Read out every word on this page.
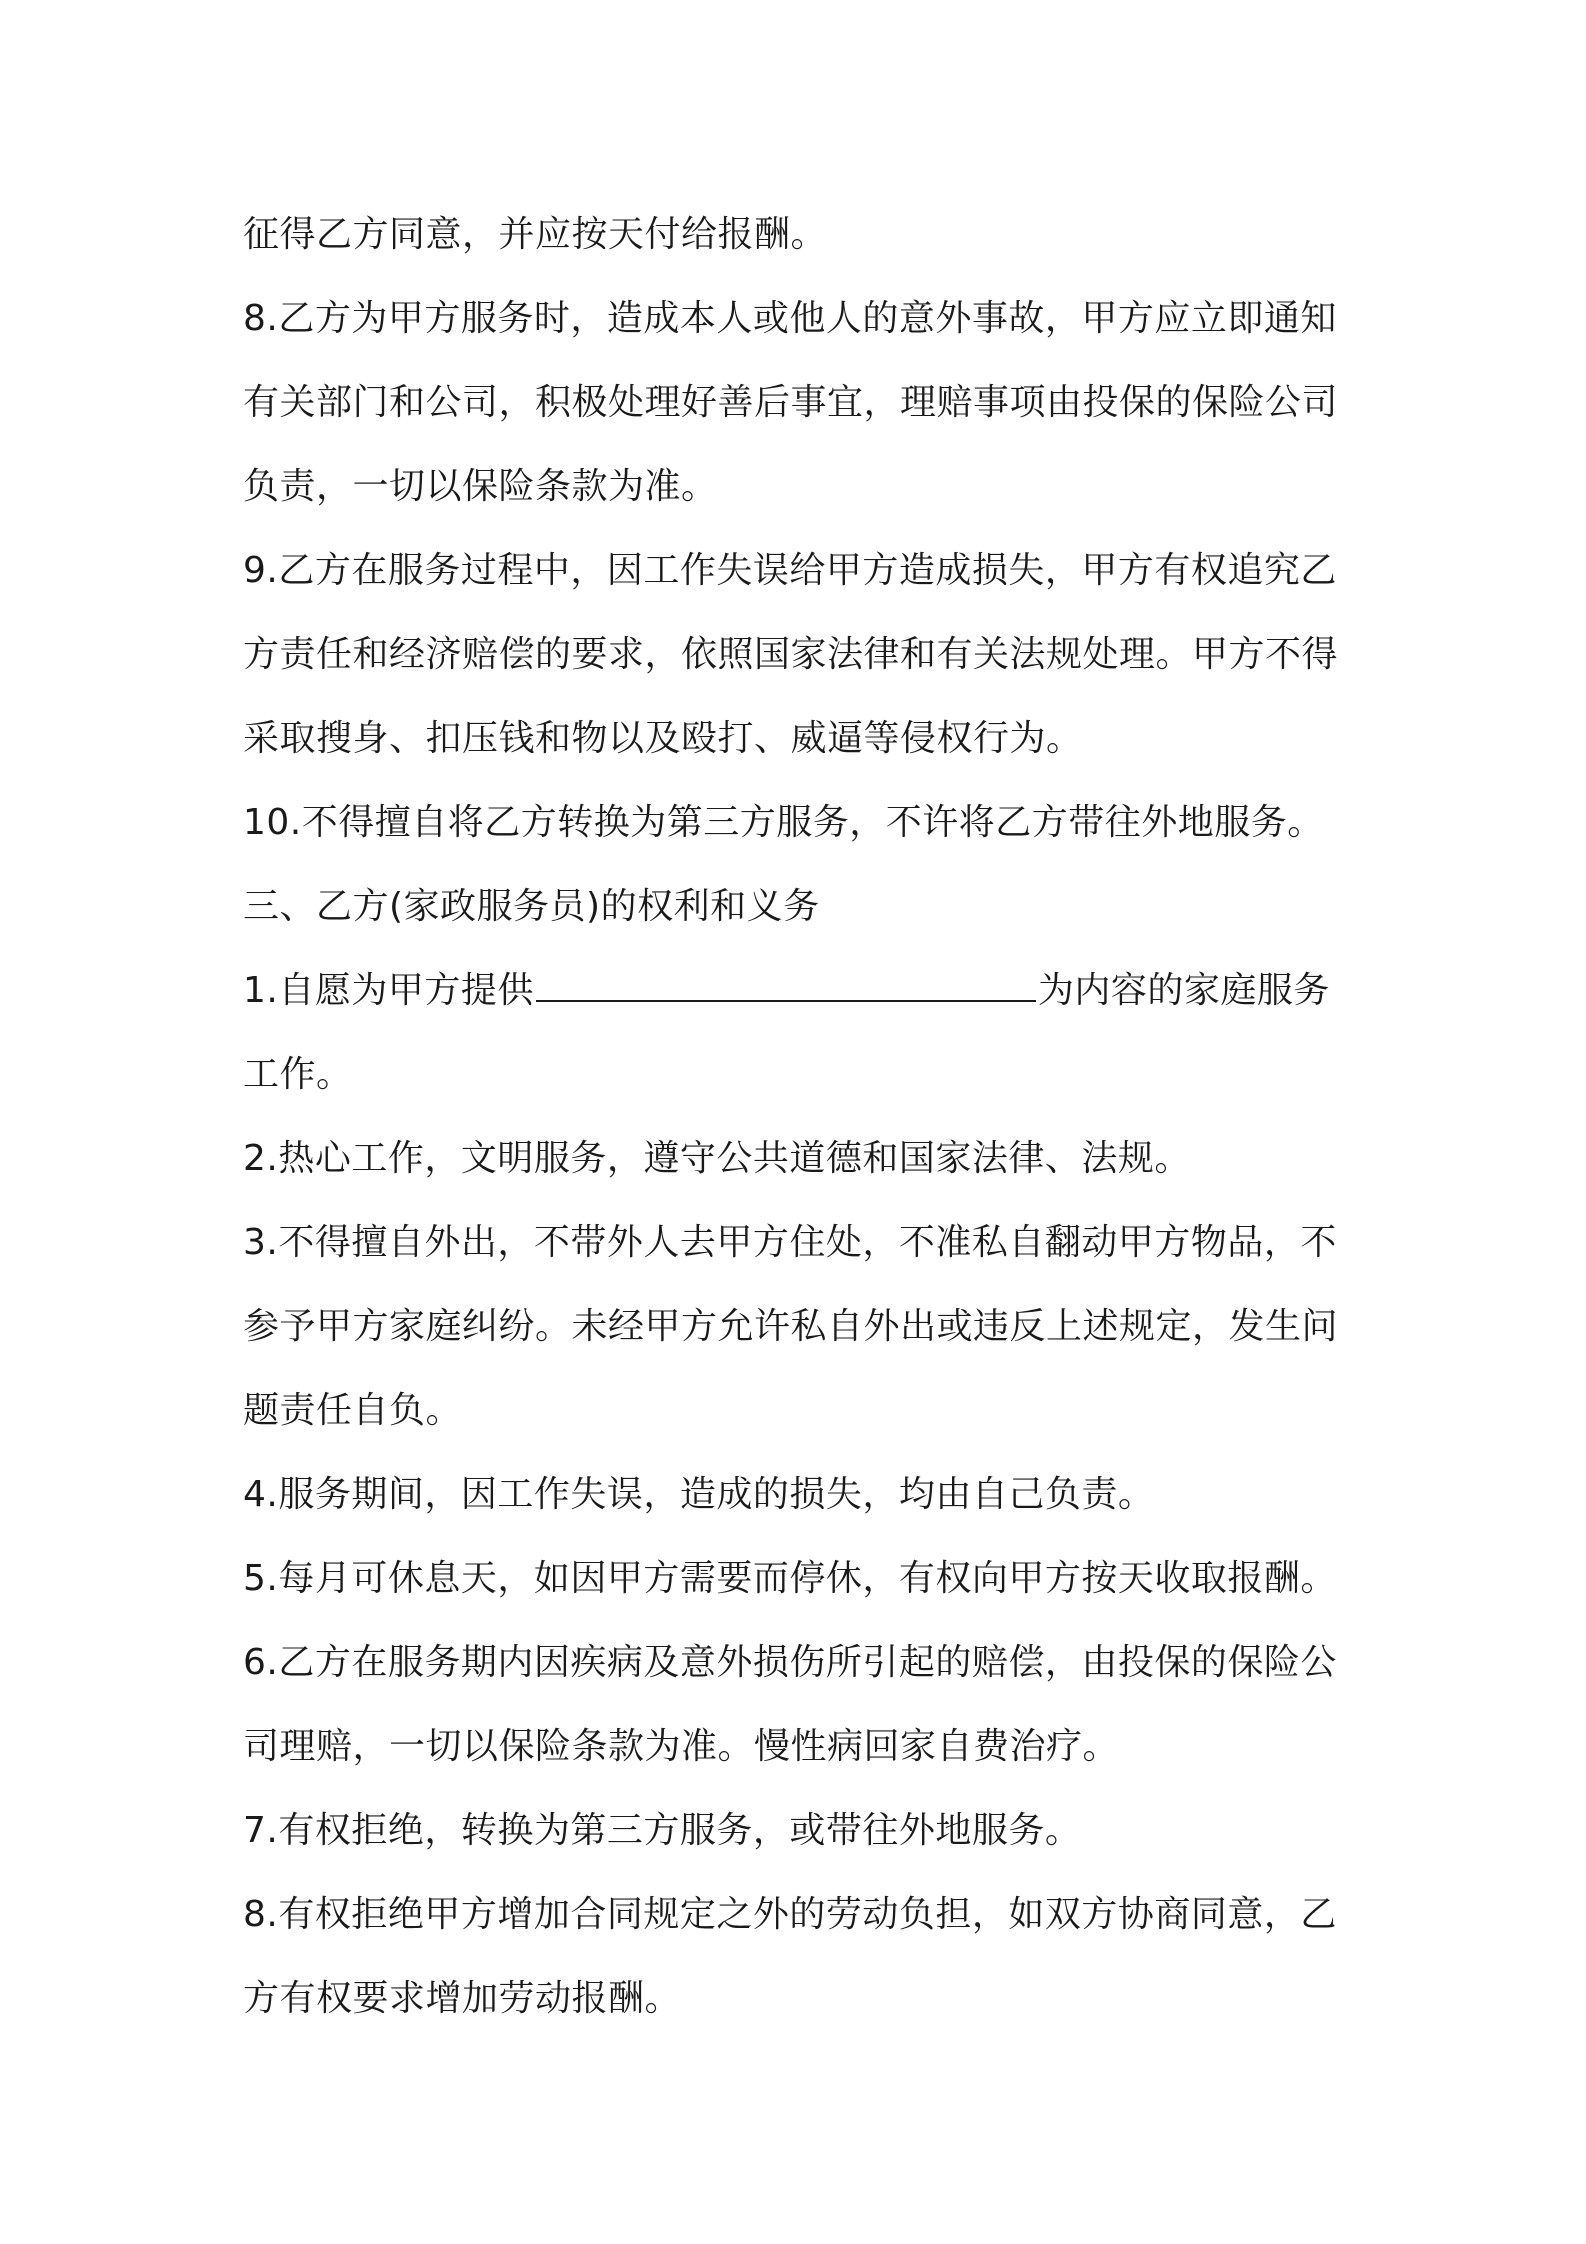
征得乙方同意，并应按天付给报酬。
8.乙方为甲方服务时，造成本人或他人的意外事故，甲方应立即通知
有关部门和公司，积极处理好善后事宜，理赔事项由投保的保险公司
负责，一切以保险条款为准。
9.乙方在服务过程中，因工作失误给甲方造成损失，甲方有权追究乙
方责任和经济赔偿的要求，依照国家法律和有关法规处理。甲方不得
采取搜身、扣压钱和物以及殴打、威逼等侵权行为。
10.不得擅自将乙方转换为第三方服务，不许将乙方带往外地服务。
三、乙方(家政服务员)的权利和义务
1.自愿为甲方提供	为内容的家庭服务
工作。
2.热心工作，文明服务，遵守公共道德和国家法律、法规。
3.不得擅自外出，不带外人去甲方住处，不准私自翻动甲方物品，不
参予甲方家庭纠纷。未经甲方允许私自外出或违反上述规定，发生问
题责任自负。
4.服务期间，因工作失误，造成的损失，均由自己负责。
5.每月可休息天，如因甲方需要而停休，有权向甲方按天收取报酬。
6.乙方在服务期内因疾病及意外损伤所引起的赔偿，由投保的保险公
司理赔，一切以保险条款为准。慢性病回家自费治疗。
7.有权拒绝，转换为第三方服务，或带往外地服务。
8.有权拒绝甲方增加合同规定之外的劳动负担，如双方协商同意，乙
方有权要求增加劳动报酬。
